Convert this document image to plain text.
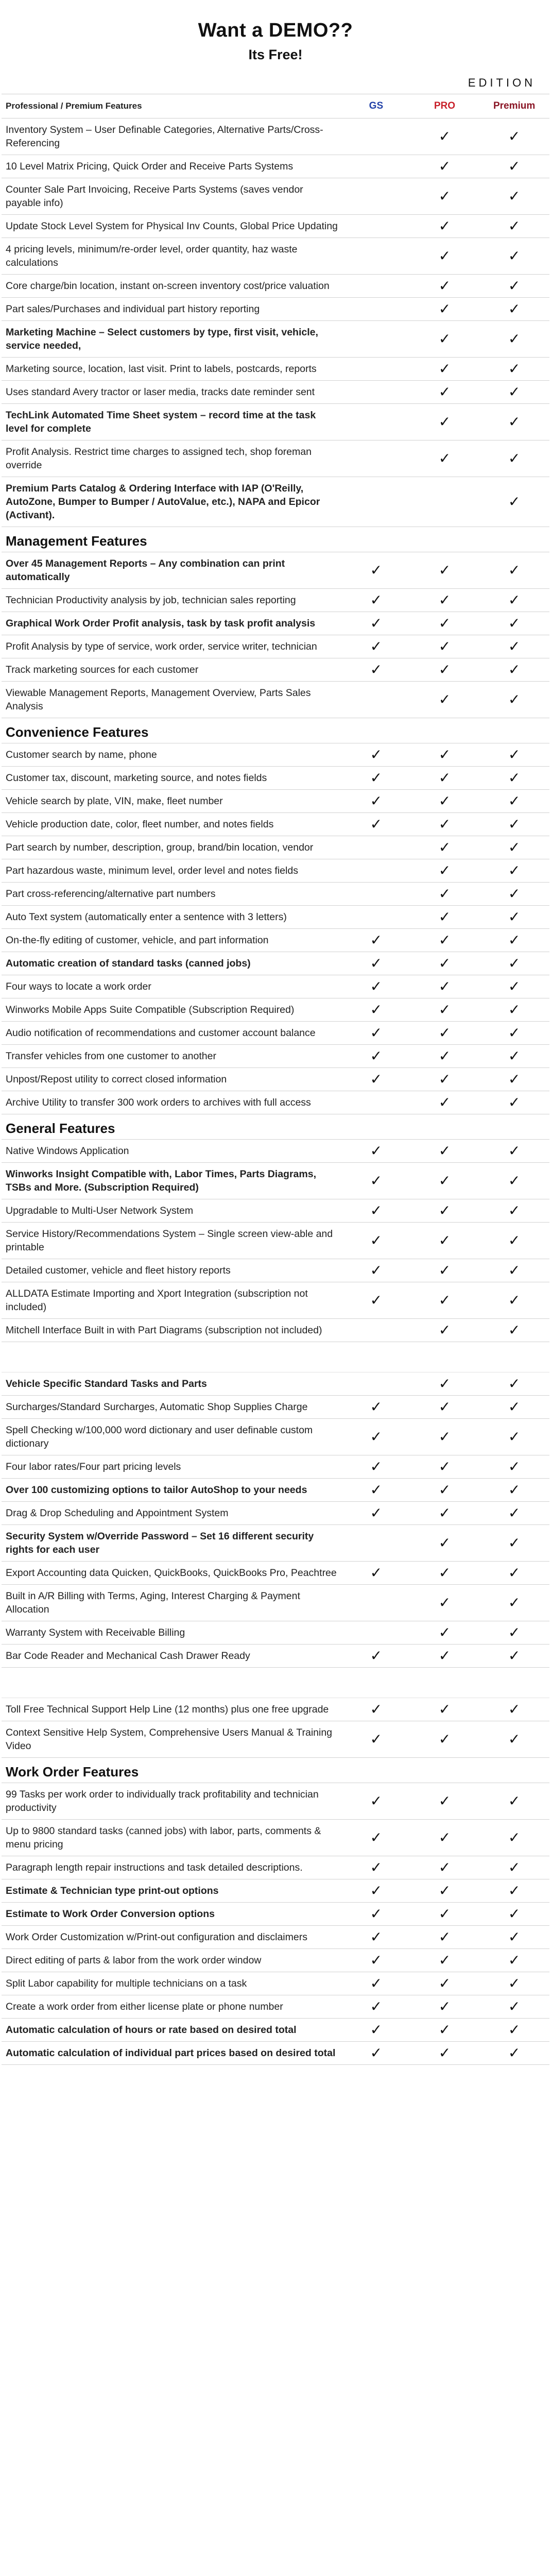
Want a DEMO??
Its Free!
EDITION
Professional / Premium Features	GS	PRO	Premium
Inventory System – User Definable Categories, Alternative Parts/Cross-Referencing		✓	✓
10 Level Matrix Pricing, Quick Order and Receive Parts Systems		✓	✓
Counter Sale Part Invoicing, Receive Parts Systems (saves vendor payable info)		✓	✓
Update Stock Level System for Physical Inv Counts, Global Price Updating		✓	✓
4 pricing levels, minimum/re-order level, order quantity, haz waste calculations		✓	✓
Core charge/bin location, instant on-screen inventory cost/price valuation		✓	✓
Part sales/Purchases and individual part history reporting		✓	✓
Marketing Machine – Select customers by type, first visit, vehicle, service needed,		✓	✓
Marketing source, location, last visit. Print to labels, postcards, reports		✓	✓
Uses standard Avery tractor or laser media, tracks date reminder sent		✓	✓
TechLink Automated Time Sheet system – record time at the task level for complete		✓	✓
Profit Analysis. Restrict time charges to assigned tech, shop foreman override		✓	✓
Premium Parts Catalog & Ordering Interface with IAP (O'Reilly, AutoZone, Bumper to Bumper / AutoValue, etc.), NAPA and Epicor (Activant).			✓
Management Features			
Over 45 Management Reports – Any combination can print automatically	✓	✓	✓
Technician Productivity analysis by job, technician sales reporting	✓	✓	✓
Graphical Work Order Profit analysis, task by task profit analysis	✓	✓	✓
Profit Analysis by type of service, work order, service writer, technician	✓	✓	✓
Track marketing sources for each customer	✓	✓	✓
Viewable Management Reports, Management Overview, Parts Sales Analysis		✓	✓
Convenience Features			
Customer search by name, phone	✓	✓	✓
Customer tax, discount, marketing source, and notes fields	✓	✓	✓
Vehicle search by plate, VIN, make, fleet number	✓	✓	✓
Vehicle production date, color, fleet number, and notes fields	✓	✓	✓
Part search by number, description, group, brand/bin location, vendor		✓	✓
Part hazardous waste, minimum level, order level and notes fields		✓	✓
Part cross-referencing/alternative part numbers		✓	✓
Auto Text system (automatically enter a sentence with 3 letters)		✓	✓
On-the-fly editing of customer, vehicle, and part information	✓	✓	✓
Automatic creation of standard tasks (canned jobs)	✓	✓	✓
Four ways to locate a work order	✓	✓	✓
Winworks Mobile Apps Suite Compatible (Subscription Required)	✓	✓	✓
Audio notification of recommendations and customer account balance	✓	✓	✓
Transfer vehicles from one customer to another	✓	✓	✓
Unpost/Repost utility to correct closed information	✓	✓	✓
Archive Utility to transfer 300 work orders to archives with full access		✓	✓
General Features			
Native Windows Application	✓	✓	✓
Winworks Insight Compatible with, Labor Times, Parts Diagrams, TSBs and More. (Subscription Required)	✓	✓	✓
Upgradable to Multi-User Network System	✓	✓	✓
Service History/Recommendations System – Single screen view-able and printable	✓	✓	✓
Detailed customer, vehicle and fleet history reports	✓	✓	✓
ALLDATA Estimate Importing and Xport Integration (subscription not included)	✓	✓	✓
Mitchell Interface Built in with Part Diagrams (subscription not included)		✓	✓

Vehicle Specific Standard Tasks and Parts		✓	✓
Surcharges/Standard Surcharges, Automatic Shop Supplies Charge	✓	✓	✓
Spell Checking w/100,000 word dictionary and user definable custom dictionary	✓	✓	✓
Four labor rates/Four part pricing levels	✓	✓	✓
Over 100 customizing options to tailor AutoShop to your needs	✓	✓	✓
Drag & Drop Scheduling and Appointment System	✓	✓	✓
Security System w/Override Password – Set 16 different security rights for each user		✓	✓
Export Accounting data Quicken, QuickBooks, QuickBooks Pro, Peachtree	✓	✓	✓
Built in A/R Billing with Terms, Aging, Interest Charging & Payment Allocation		✓	✓
Warranty System with Receivable Billing		✓	✓
Bar Code Reader and Mechanical Cash Drawer Ready	✓	✓	✓

Toll Free Technical Support Help Line (12 months) plus one free upgrade	✓	✓	✓
Context Sensitive Help System, Comprehensive Users Manual & Training Video	✓	✓	✓
Work Order Features			
99 Tasks per work order to individually track profitability and technician productivity	✓	✓	✓
Up to 9800 standard tasks (canned jobs) with labor, parts, comments & menu pricing	✓	✓	✓
Paragraph length repair instructions and task detailed descriptions.	✓	✓	✓
Estimate & Technician type print-out options	✓	✓	✓
Estimate to Work Order Conversion options	✓	✓	✓
Work Order Customization w/Print-out configuration and disclaimers	✓	✓	✓
Direct editing of parts & labor from the work order window	✓	✓	✓
Split Labor capability for multiple technicians on a task	✓	✓	✓
Create a work order from either license plate or phone number	✓	✓	✓
Automatic calculation of hours or rate based on desired total	✓	✓	✓
Automatic calculation of individual part prices based on desired total	✓	✓	✓
